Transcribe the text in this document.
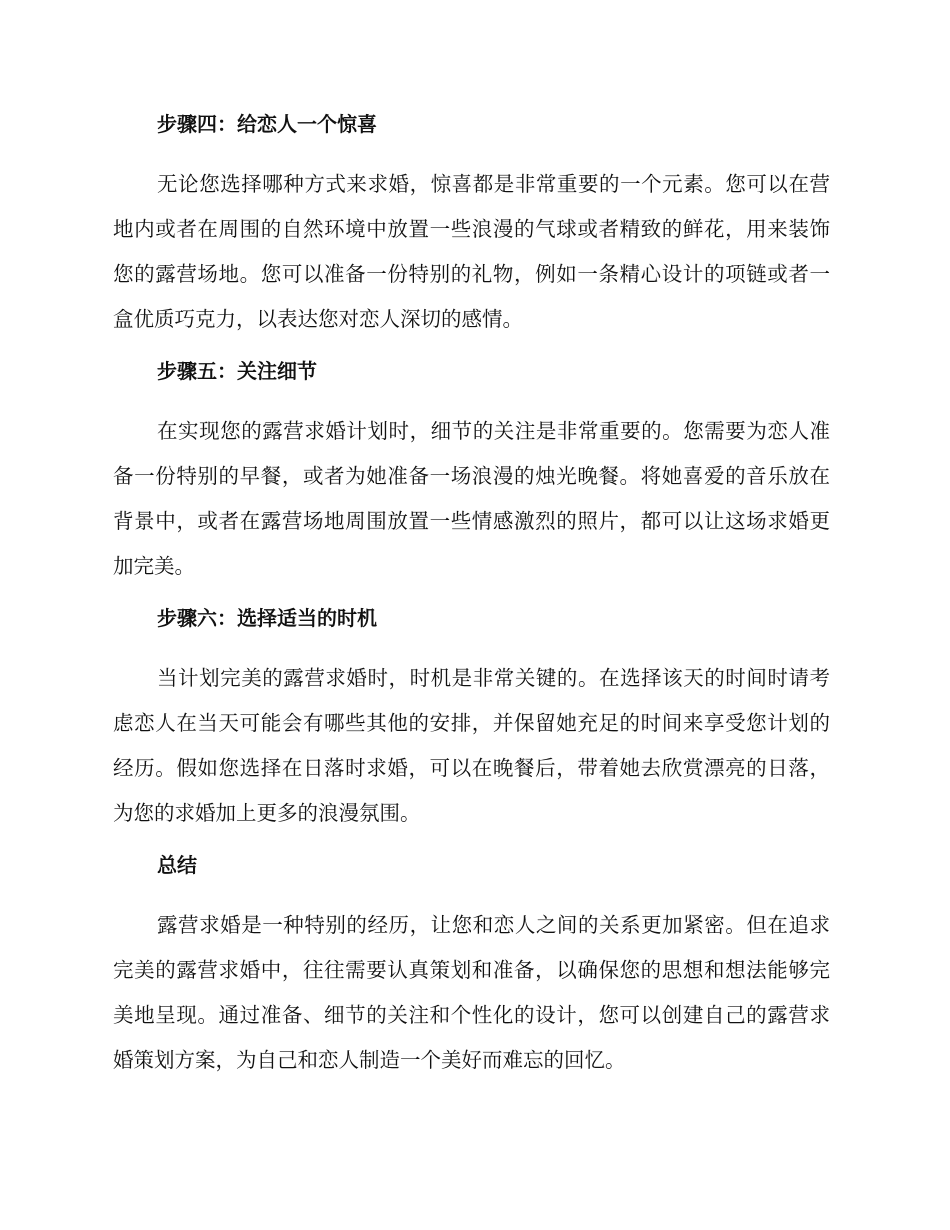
步骤四：给恋人一个惊喜

无论您选择哪种方式来求婚，惊喜都是非常重要的一个元素。您可以在营地内或者在周围的自然环境中放置一些浪漫的气球或者精致的鲜花，用来装饰您的露营场地。您可以准备一份特别的礼物，例如一条精心设计的项链或者一盒优质巧克力，以表达您对恋人深切的感情。

步骤五：关注细节

在实现您的露营求婚计划时，细节的关注是非常重要的。您需要为恋人准备一份特别的早餐，或者为她准备一场浪漫的烛光晚餐。将她喜爱的音乐放在背景中，或者在露营场地周围放置一些情感激烈的照片，都可以让这场求婚更加完美。

步骤六：选择适当的时机

当计划完美的露营求婚时，时机是非常关键的。在选择该天的时间时请考虑恋人在当天可能会有哪些其他的安排，并保留她充足的时间来享受您计划的经历。假如您选择在日落时求婚，可以在晚餐后，带着她去欣赏漂亮的日落，为您的求婚加上更多的浪漫氛围。

总结

露营求婚是一种特别的经历，让您和恋人之间的关系更加紧密。但在追求完美的露营求婚中，往往需要认真策划和准备，以确保您的思想和想法能够完美地呈现。通过准备、细节的关注和个性化的设计，您可以创建自己的露营求婚策划方案，为自己和恋人制造一个美好而难忘的回忆。
